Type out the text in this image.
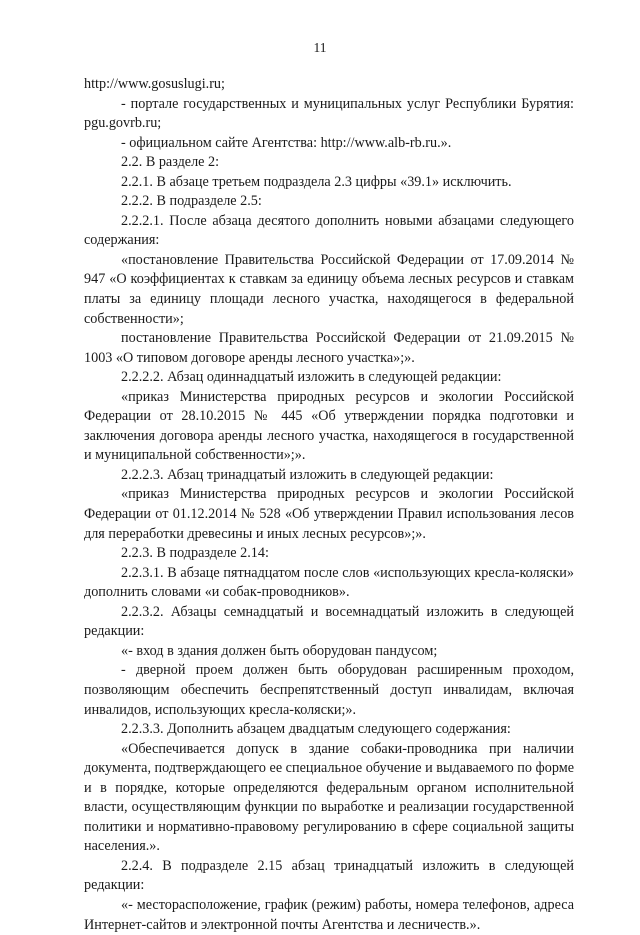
11

http://www.gosuslugi.ru;

- портале государственных и муниципальных услуг Республики Бурятия: pgu.govrb.ru;

- официальном сайте Агентства: http://www.alb-rb.ru.».

2.2. В разделе 2:

2.2.1. В абзаце третьем подраздела 2.3 цифры «39.1» исключить.

2.2.2. В подразделе 2.5:

2.2.2.1. После абзаца десятого дополнить новыми абзацами следующего содержания:

«постановление Правительства Российской Федерации от 17.09.2014 № 947 «О коэффициентах к ставкам за единицу объема лесных ресурсов и ставкам платы за единицу площади лесного участка, находящегося в федеральной собственности»;

постановление Правительства Российской Федерации от 21.09.2015 № 1003 «О типовом договоре аренды лесного участка»;».

2.2.2.2. Абзац одиннадцатый изложить в следующей редакции:

«приказ Министерства природных ресурсов и экологии Российской Федерации от 28.10.2015 № 445 «Об утверждении порядка подготовки и заключения договора аренды лесного участка, находящегося в государственной и муниципальной собственности»;».

2.2.2.3. Абзац тринадцатый изложить в следующей редакции:

«приказ Министерства природных ресурсов и экологии Российской Федерации от 01.12.2014 № 528 «Об утверждении Правил использования лесов для переработки древесины и иных лесных ресурсов»;».

2.2.3. В подразделе 2.14:

2.2.3.1. В абзаце пятнадцатом после слов «использующих кресла-коляски» дополнить словами «и собак-проводников».

2.2.3.2. Абзацы семнадцатый и восемнадцатый изложить в следующей редакции:

«- вход в здания должен быть оборудован пандусом;

- дверной проем должен быть оборудован расширенным проходом, позволяющим обеспечить беспрепятственный доступ инвалидам, включая инвалидов, использующих кресла-коляски;».

2.2.3.3. Дополнить абзацем двадцатым следующего содержания:

«Обеспечивается допуск в здание собаки-проводника при наличии документа, подтверждающего ее специальное обучение и выдаваемого по форме и в порядке, которые определяются федеральным органом исполнительной власти, осуществляющим функции по выработке и реализации государственной политики и нормативно-правовому регулированию в сфере социальной защиты населения.».

2.2.4. В подразделе 2.15 абзац тринадцатый изложить в следующей редакции:

«- месторасположение, график (режим) работы, номера телефонов, адреса Интернет-сайтов и электронной почты Агентства и лесничеств.».
